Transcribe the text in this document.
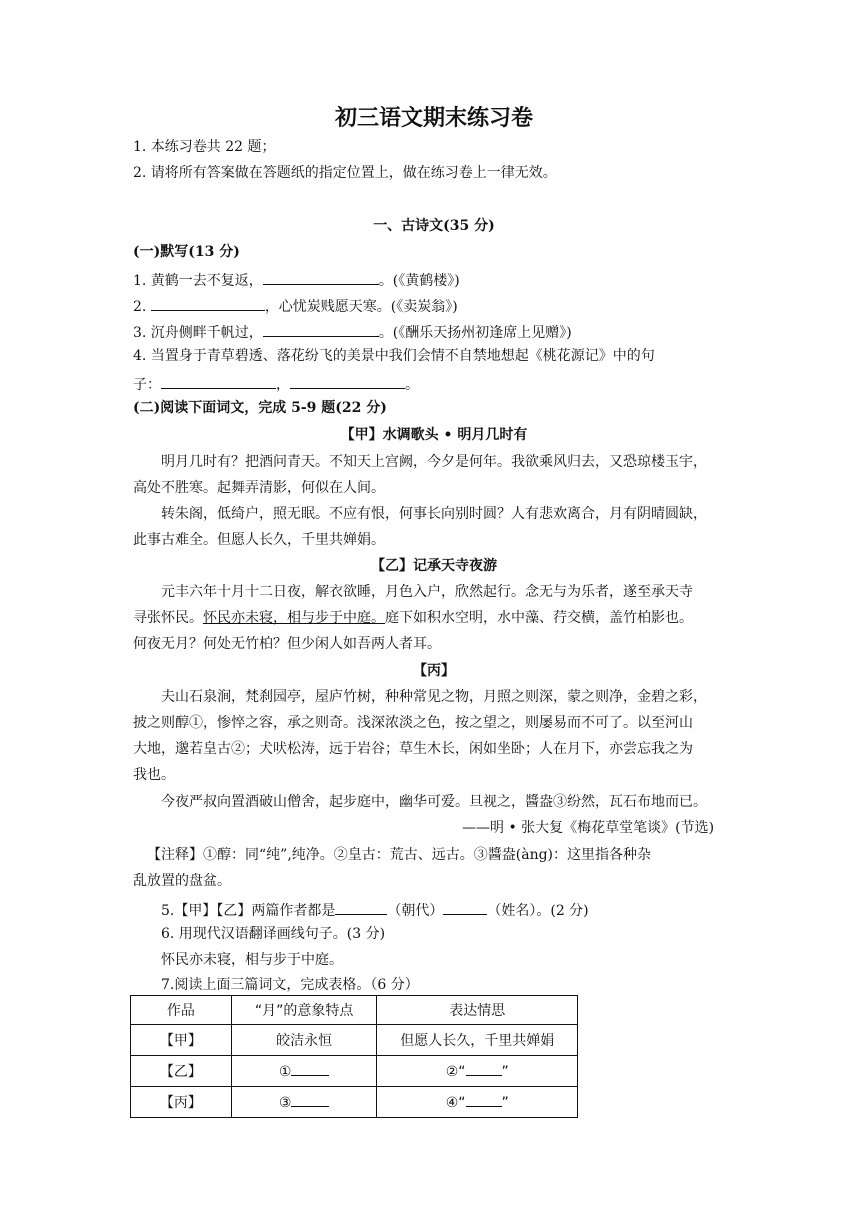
初三语文期末练习卷
1. 本练习卷共 22 题；
2. 请将所有答案做在答题纸的指定位置上，做在练习卷上一律无效。
一、古诗文(35 分)
(一)默写(13 分)
1. 黄鹤一去不复返，	。(《黄鹤楼》)
2.	，心忧炭贱愿天寒。(《卖炭翁》)
3. 沉舟侧畔千帆过，	。(《酬乐天扬州初逢席上见赠》)
4. 当置身于青草碧透、落花纷飞的美景中我们会情不自禁地想起《桃花源记》中的句
子：	，	。
(二)阅读下面词文，完成 5-9 题(22 分)
【甲】水调歌头 • 明月几时有
明月几时有？把酒问青天。不知天上宫阙，今夕是何年。我欲乘风归去，又恐琼楼玉宇，
高处不胜寒。起舞弄清影，何似在人间。
转朱阁，低绮户，照无眠。不应有恨，何事长向别时圆？人有悲欢离合，月有阴晴圆缺，
此事古难全。但愿人长久，千里共婵娟。
【乙】记承天寺夜游
元丰六年十月十二日夜，解衣欲睡，月色入户，欣然起行。念无与为乐者，遂至承天寺
寻张怀民。怀民亦未寝，相与步于中庭。庭下如积水空明，水中藻、荇交横，盖竹柏影也。
何夜无月？何处无竹柏？但少闲人如吾两人者耳。
【丙】
夫山石泉涧，梵刹园亭，屋庐竹树，种种常见之物，月照之则深，蒙之则净，金碧之彩，
披之则醇①，惨悴之容，承之则奇。浅深浓淡之色，按之望之，则屡易而不可了。以至河山
大地，邈若皇古②；犬吠松涛，远于岩谷；草生木长，闲如坐卧；人在月下，亦尝忘我之为
我也。
今夜严叔向置酒破山僧舍，起步庭中，幽华可爱。旦视之，醬盎③纷然，瓦石布地而已。
——明 • 张大复《梅花草堂笔谈》(节选)
【注释】①醇：同“纯”,纯净。②皇古：荒古、远古。③醬盎(àng)：这里指各种杂
乱放置的盘盆。
5.【甲】【乙】两篇作者都是	（朝代）	（姓名）。(2 分)
6. 用现代汉语翻译画线句子。(3 分)
怀民亦未寝，相与步于中庭。
7.阅读上面三篇词文，完成表格。（6 分）
作品	“月”的意象特点	表达情思
【甲】	皎洁永恒	但愿人长久，千里共婵娟
【乙】	①	②“ ”
【丙】	③	④“ ”
